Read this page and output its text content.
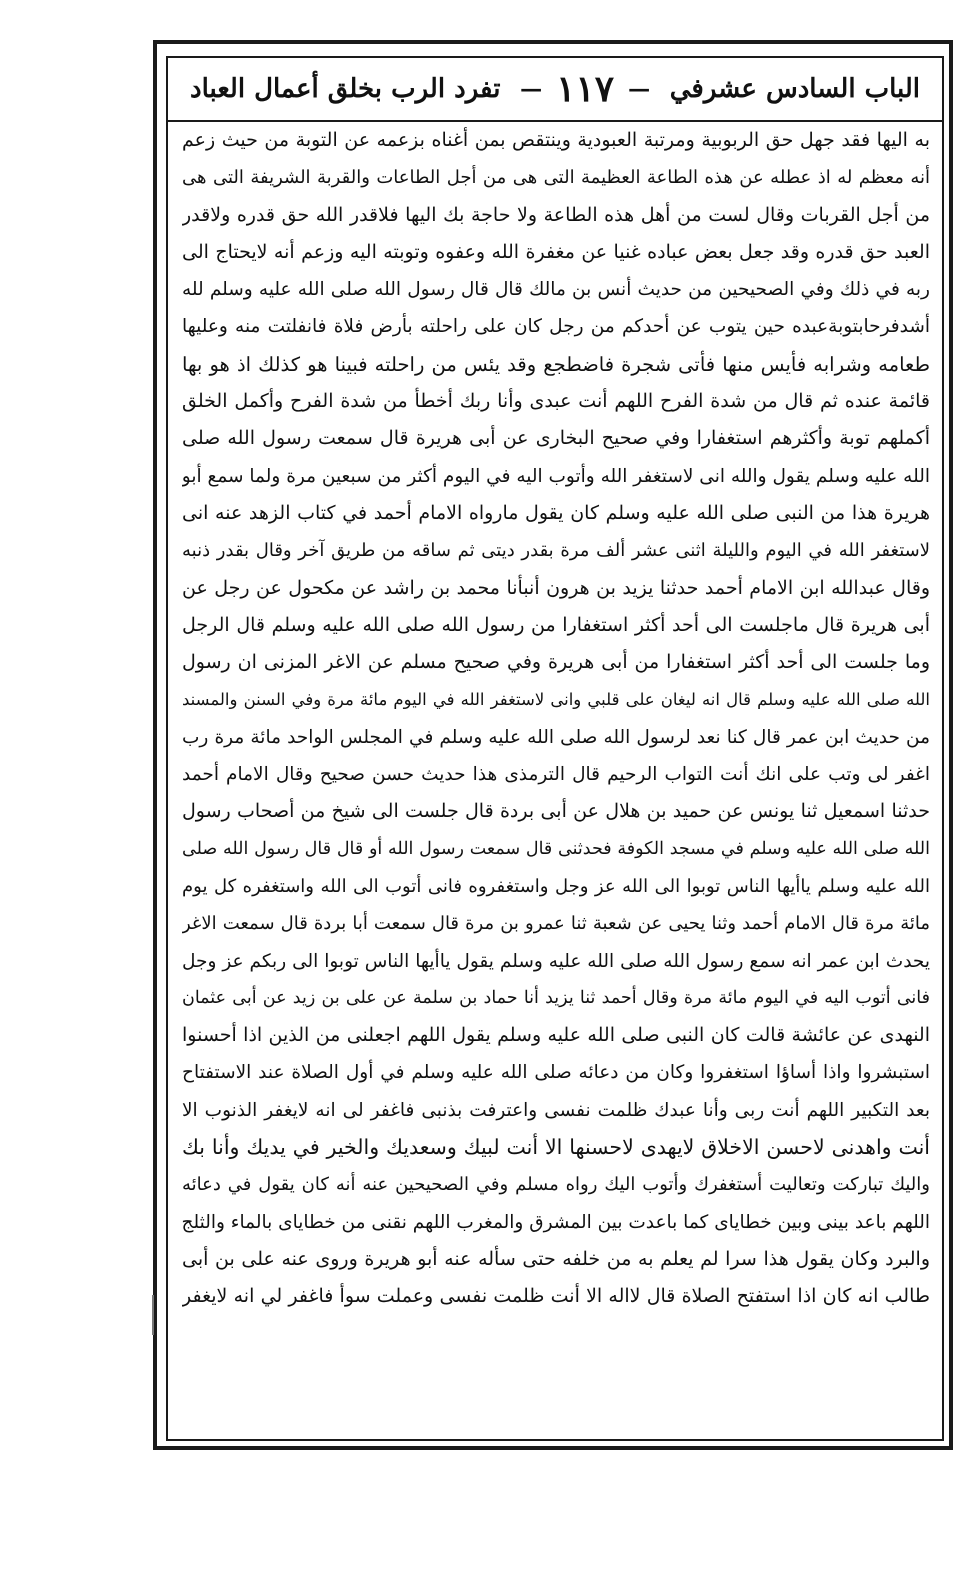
الباب السادس عشرفي
—
١١٧
—
تفرد الرب بخلق أعمال العباد
به اليها فقد جهل حق الربوبية ومرتبة العبودية وينتقص بمن أغناه بزعمه عن التوبة من حيث زعم
أنه معظم له اذ عطله عن هذه الطاعة العظيمة التى هى من أجل الطاعات والقربة الشريفة التى هى
من أجل القربات وقال لست من أهل هذه الطاعة ولا حاجة بك اليها فلاقدر الله حق قدره ولاقدر
العبد حق قدره وقد جعل بعض عباده غنيا عن مغفرة الله وعفوه وتوبته اليه وزعم أنه لايحتاج الى
ربه في ذلك وفي الصحيحين من حديث أنس بن مالك قال قال رسول الله صلى الله عليه وسلم لله
أشدفرحابتوبةعبده حين يتوب عن أحدكم من رجل كان على راحلته بأرض فلاة فانفلتت منه وعليها
طعامه وشرابه فأيس منها فأتى شجرة فاضطجع وقد يئس من راحلته فبينا هو كذلك اذ هو بها
قائمة عنده ثم قال من شدة الفرح اللهم أنت عبدى وأنا ربك أخطأ من شدة الفرح وأكمل الخلق
أكملهم توبة وأكثرهم استغفارا وفي صحيح البخارى عن أبى هريرة قال سمعت رسول الله صلى
الله عليه وسلم يقول والله انى لاستغفر الله وأتوب اليه في اليوم أكثر من سبعين مرة ولما سمع أبو
هريرة هذا من النبى صلى الله عليه وسلم كان يقول مارواه الامام أحمد في كتاب الزهد عنه انى
لاستغفر الله في اليوم والليلة اثنى عشر ألف مرة بقدر ديتى ثم ساقه من طريق آخر وقال بقدر ذنبه
وقال عبدالله ابن الامام أحمد حدثنا يزيد بن هرون أنبأنا محمد بن راشد عن مكحول عن رجل عن
أبى هريرة قال ماجلست الى أحد أكثر استغفارا من رسول الله صلى الله عليه وسلم قال الرجل
وما جلست الى أحد أكثر استغفارا من أبى هريرة وفي صحيح مسلم عن الاغر المزنى ان رسول
الله صلى الله عليه وسلم قال انه ليغان على قلبي وانى لاستغفر الله في اليوم مائة مرة وفي السنن والمسند
من حديث ابن عمر قال كنا نعد لرسول الله صلى الله عليه وسلم في المجلس الواحد مائة مرة رب
اغفر لى وتب على انك أنت التواب الرحيم قال الترمذى هذا حديث حسن صحيح وقال الامام أحمد
حدثنا اسمعيل ثنا يونس عن حميد بن هلال عن أبى بردة قال جلست الى شيخ من أصحاب رسول
الله صلى الله عليه وسلم في مسجد الكوفة فحدثنى قال سمعت رسول الله أو قال قال رسول الله صلى
الله عليه وسلم ياأيها الناس توبوا الى الله عز وجل واستغفروه فانى أتوب الى الله واستغفره كل يوم
مائة مرة قال الامام أحمد وثنا يحيى عن شعبة ثنا عمرو بن مرة قال سمعت أبا بردة قال سمعت الاغر
يحدث ابن عمر انه سمع رسول الله صلى الله عليه وسلم يقول ياأيها الناس توبوا الى ربكم عز وجل
فانى أتوب اليه في اليوم مائة مرة وقال أحمد ثنا يزيد أنا حماد بن سلمة عن على بن زيد عن أبى عثمان
النهدى عن عائشة قالت كان النبى صلى الله عليه وسلم يقول اللهم اجعلنى من الذين اذا أحسنوا
استبشروا واذا أساؤا استغفروا وكان من دعائه صلى الله عليه وسلم في أول الصلاة عند الاستفتاح
بعد التكبير اللهم أنت ربى وأنا عبدك ظلمت نفسى واعترفت بذنبى فاغفر لى انه لايغفر الذنوب الا
أنت واهدنى لاحسن الاخلاق لايهدى لاحسنها الا أنت لبيك وسعديك والخير في يديك وأنا بك
واليك تباركت وتعاليت أستغفرك وأتوب اليك رواه مسلم وفي الصحيحين عنه أنه كان يقول في دعائه
اللهم باعد بينى وبين خطاياى كما باعدت بين المشرق والمغرب اللهم نقنى من خطاياى بالماء والثلج
والبرد وكان يقول هذا سرا لم يعلم به من خلفه حتى سأله عنه أبو هريرة وروى عنه على بن أبى
طالب انه كان اذا استفتح الصلاة قال لااله الا أنت ظلمت نفسى وعملت سوأ فاغفر لي انه لايغفر
